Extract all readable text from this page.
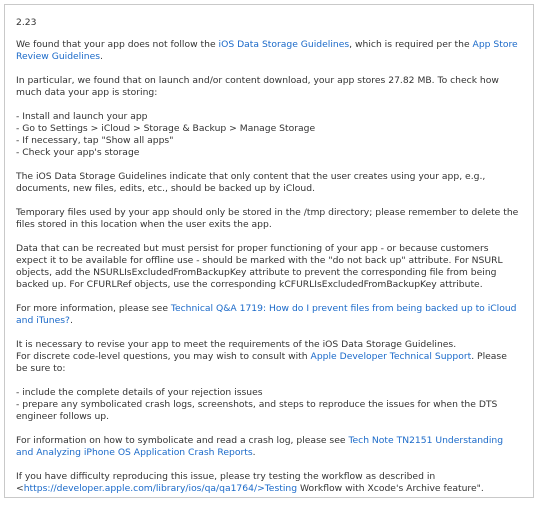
2.23

We found that your app does not follow the iOS Data Storage Guidelines, which is required per the App Store Review Guidelines.

In particular, we found that on launch and/or content download, your app stores 27.82 MB. To check how much data your app is storing:

- Install and launch your app
- Go to Settings > iCloud > Storage & Backup > Manage Storage
- If necessary, tap "Show all apps"
- Check your app's storage

The iOS Data Storage Guidelines indicate that only content that the user creates using your app, e.g., documents, new files, edits, etc., should be backed up by iCloud.

Temporary files used by your app should only be stored in the /tmp directory; please remember to delete the files stored in this location when the user exits the app.

Data that can be recreated but must persist for proper functioning of your app - or because customers expect it to be available for offline use - should be marked with the "do not back up" attribute. For NSURL objects, add the NSURLIsExcludedFromBackupKey attribute to prevent the corresponding file from being backed up. For CFURLRef objects, use the corresponding kCFURLIsExcludedFromBackupKey attribute.

For more information, please see Technical Q&A 1719: How do I prevent files from being backed up to iCloud and iTunes?.

It is necessary to revise your app to meet the requirements of the iOS Data Storage Guidelines.
For discrete code-level questions, you may wish to consult with Apple Developer Technical Support. Please be sure to:

- include the complete details of your rejection issues
- prepare any symbolicated crash logs, screenshots, and steps to reproduce the issues for when the DTS engineer follows up.

For information on how to symbolicate and read a crash log, please see Tech Note TN2151 Understanding and Analyzing iPhone OS Application Crash Reports.

If you have difficulty reproducing this issue, please try testing the workflow as described in <https://developer.apple.com/library/ios/qa/qa1764/>Testing Workflow with Xcode's Archive feature".
